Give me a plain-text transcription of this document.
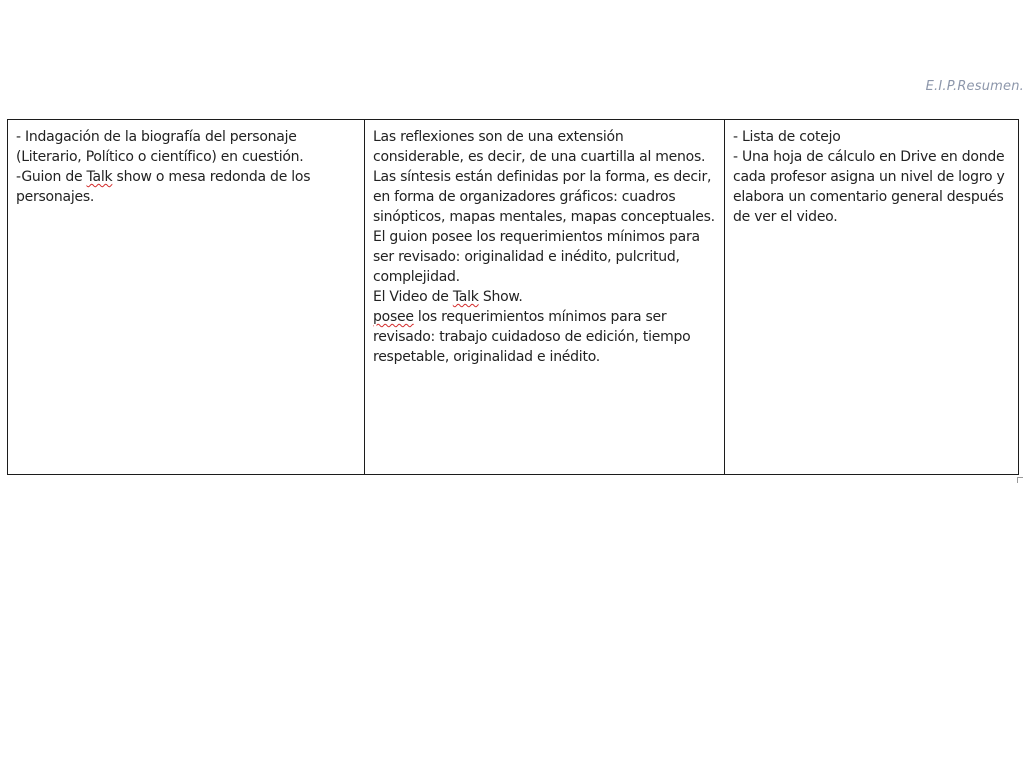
E.I.P.Resumen.
- Indagación de la biografía del personaje (Literario, Político o científico) en cuestión.
-Guion de Talk show o mesa redonda de los personajes.

Las reflexiones son de una extensión considerable, es decir, de una cuartilla al menos.
Las síntesis están definidas por la forma, es decir, en forma de organizadores gráficos: cuadros sinópticos, mapas mentales, mapas conceptuales.
El guion posee los requerimientos mínimos para ser revisado: originalidad e inédito, pulcritud, complejidad.
El Video de Talk Show.
posee los requerimientos mínimos para ser revisado: trabajo cuidadoso de edición, tiempo respetable, originalidad e inédito.

- Lista de cotejo
- Una hoja de cálculo en Drive en donde cada profesor asigna un nivel de logro y elabora un comentario general después de ver el video.
